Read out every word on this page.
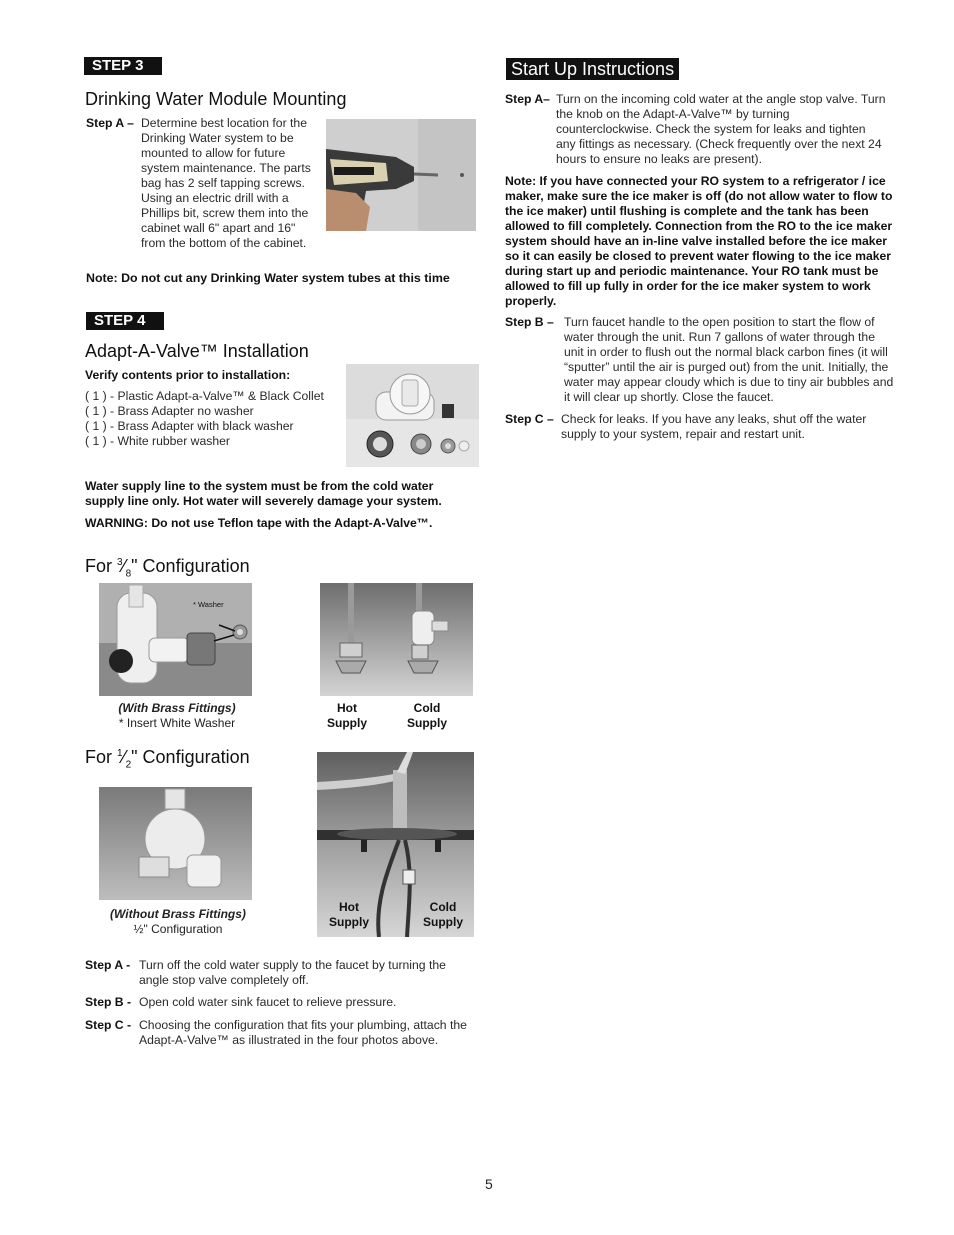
STEP 3
Drinking Water Module Mounting
Step A – Determine best location for the Drinking Water system to be mounted to allow for future system maintenance. The parts bag has 2 self tapping screws. Using an electric drill with a Phillips bit, screw them into the cabinet wall 6" apart and 16" from the bottom of the cabinet.
Note: Do not cut any Drinking Water system tubes at this time
STEP 4
Adapt-A-Valve™ Installation
Verify contents prior to installation:
( 1 ) - Plastic Adapt-a-Valve™ & Black Collet
( 1 ) - Brass Adapter no washer
( 1 ) - Brass Adapter with black washer
( 1 ) - White rubber washer
Water supply line to the system must be from the cold water supply line only. Hot water will severely damage your system.
WARNING: Do not use Teflon tape with the Adapt-A-Valve™.
For $^3⁄_8$" Configuration
* Washer
(With Brass Fittings)
* Insert White Washer
Hot Supply
Cold Supply
For $^1⁄_2$" Configuration
(Without Brass Fittings)
½" Configuration
Hot Supply
Cold Supply
Step A - Turn off the cold water supply to the faucet by turning the angle stop valve completely off.
Step B - Open cold water sink faucet to relieve pressure.
Step C - Choosing the configuration that fits your plumbing, attach the Adapt-A-Valve™ as illustrated in the four photos above.
Start Up Instructions
Step A– Turn on the incoming cold water at the angle stop valve. Turn the knob on the Adapt-A-Valve™ by turning counterclockwise. Check the system for leaks and tighten any fittings as necessary. (Check frequently over the next 24 hours to ensure no leaks are present).
Note: If you have connected your RO system to a refrigerator / ice maker, make sure the ice maker is off (do not allow water to flow to the ice maker) until flushing is complete and the tank has been allowed to fill completely. Connection from the RO to the ice maker system should have an in-line valve installed before the ice maker so it can easily be closed to prevent water flowing to the ice maker during start up and periodic maintenance. Your RO tank must be allowed to fill up fully in order for the ice maker system to work properly.
Step B – Turn faucet handle to the open position to start the flow of water through the unit. Run 7 gallons of water through the unit in order to flush out the normal black carbon fines (it will “sputter” until the air is purged out) from the unit. Initially, the water may appear cloudy which is due to tiny air bubbles and it will clear up shortly. Close the faucet.
Step C – Check for leaks. If you have any leaks, shut off the water supply to your system, repair and restart unit.
5
